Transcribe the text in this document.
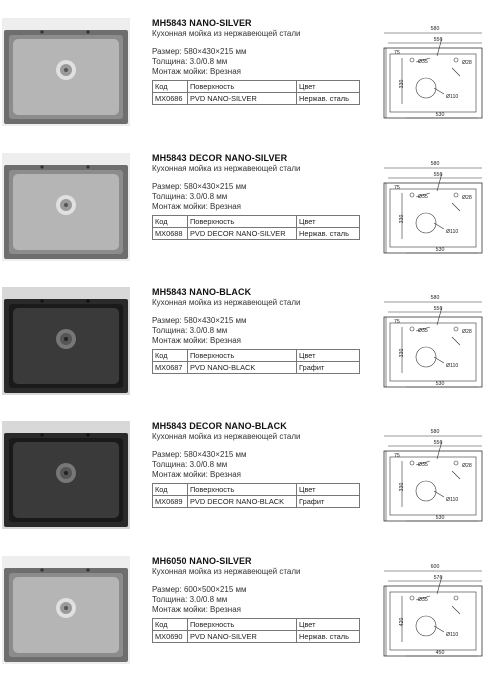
MH5843 NANO-SILVER
Кухонная мойка из нержавеющей стали
Размер: 580×430×215 мм
Толщина: 3.0/0.8 мм
Монтаж мойки: Врезная
Код	Поверхность	Цвет
MX0686	PVD NANO-SILVER	Нержав. сталь
580
556
75
Ø35	Ø28
330
Ø110
530
MH5843 DECOR NANO-SILVER
Кухонная мойка из нержавеющей стали
Размер: 580×430×215 мм
Толщина: 3.0/0.8 мм
Монтаж мойки: Врезная
Код	Поверхность	Цвет
MX0688	PVD DECOR NANO-SILVER	Нержав. сталь
580
556
75
Ø35	Ø28
330
Ø110
530
MH5843 NANO-BLACK
Кухонная мойка из нержавеющей стали
Размер: 580×430×215 мм
Толщина: 3.0/0.8 мм
Монтаж мойки: Врезная
Код	Поверхность	Цвет
MX0687	PVD NANO-BLACK	Графит
580
556
75
Ø35	Ø28
330
Ø110
530
MH5843 DECOR NANO-BLACK
Кухонная мойка из нержавеющей стали
Размер: 580×430×215 мм
Толщина: 3.0/0.8 мм
Монтаж мойки: Врезная
Код	Поверхность	Цвет
MX0689	PVD DECOR NANO-BLACK	Графит
580
556
75
Ø35	Ø28
330
Ø110
530
MH6050 NANO-SILVER
Кухонная мойка из нержавеющей стали
Размер: 600×500×215 мм
Толщина: 3.0/0.8 мм
Монтаж мойки: Врезная
Код	Поверхность	Цвет
MX0690	PVD NANO-SILVER	Нержав. сталь
600
576
Ø35
420
Ø110
450
